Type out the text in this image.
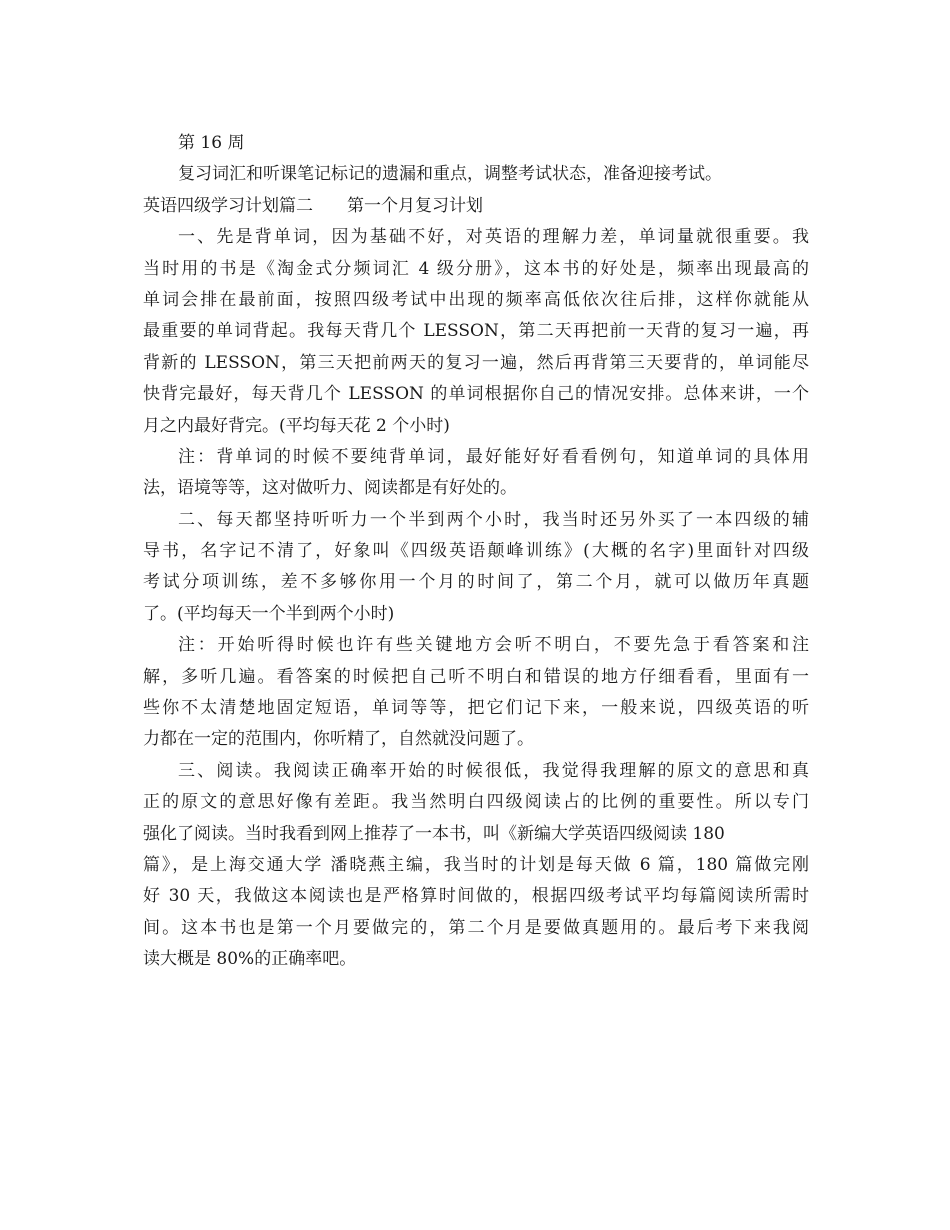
第 16 周
复习词汇和听课笔记标记的遗漏和重点，调整考试状态，准备迎接考试。
英语四级学习计划篇二 第一个月复习计划
一、先是背单词，因为基础不好，对英语的理解力差，单词量就很重要。我
当时用的书是《淘金式分频词汇 4 级分册》，这本书的好处是，频率出现最高的
单词会排在最前面，按照四级考试中出现的频率高低依次往后排，这样你就能从
最重要的单词背起。我每天背几个 LESSON，第二天再把前一天背的复习一遍，再
背新的 LESSON，第三天把前两天的复习一遍，然后再背第三天要背的，单词能尽
快背完最好，每天背几个 LESSON 的单词根据你自己的情况安排。总体来讲，一个
月之内最好背完。(平均每天花 2 个小时)
注：背单词的时候不要纯背单词，最好能好好看看例句，知道单词的具体用
法，语境等等，这对做听力、阅读都是有好处的。
二、每天都坚持听听力一个半到两个小时，我当时还另外买了一本四级的辅
导书，名字记不清了，好象叫《四级英语颠峰训练》(大概的名字)里面针对四级
考试分项训练，差不多够你用一个月的时间了，第二个月，就可以做历年真题
了。(平均每天一个半到两个小时)
注：开始听得时候也许有些关键地方会听不明白，不要先急于看答案和注
解，多听几遍。看答案的时候把自己听不明白和错误的地方仔细看看，里面有一
些你不太清楚地固定短语，单词等等，把它们记下来，一般来说，四级英语的听
力都在一定的范围内，你听精了，自然就没问题了。
三、阅读。我阅读正确率开始的时候很低，我觉得我理解的原文的意思和真
正的原文的意思好像有差距。我当然明白四级阅读占的比例的重要性。所以专门
强化了阅读。当时我看到网上推荐了一本书，叫《新编大学英语四级阅读 180
篇》，是上海交通大学 潘晓燕主编，我当时的计划是每天做 6 篇，180 篇做完刚
好 30 天，我做这本阅读也是严格算时间做的，根据四级考试平均每篇阅读所需时
间。这本书也是第一个月要做完的，第二个月是要做真题用的。最后考下来我阅
读大概是 80%的正确率吧。
